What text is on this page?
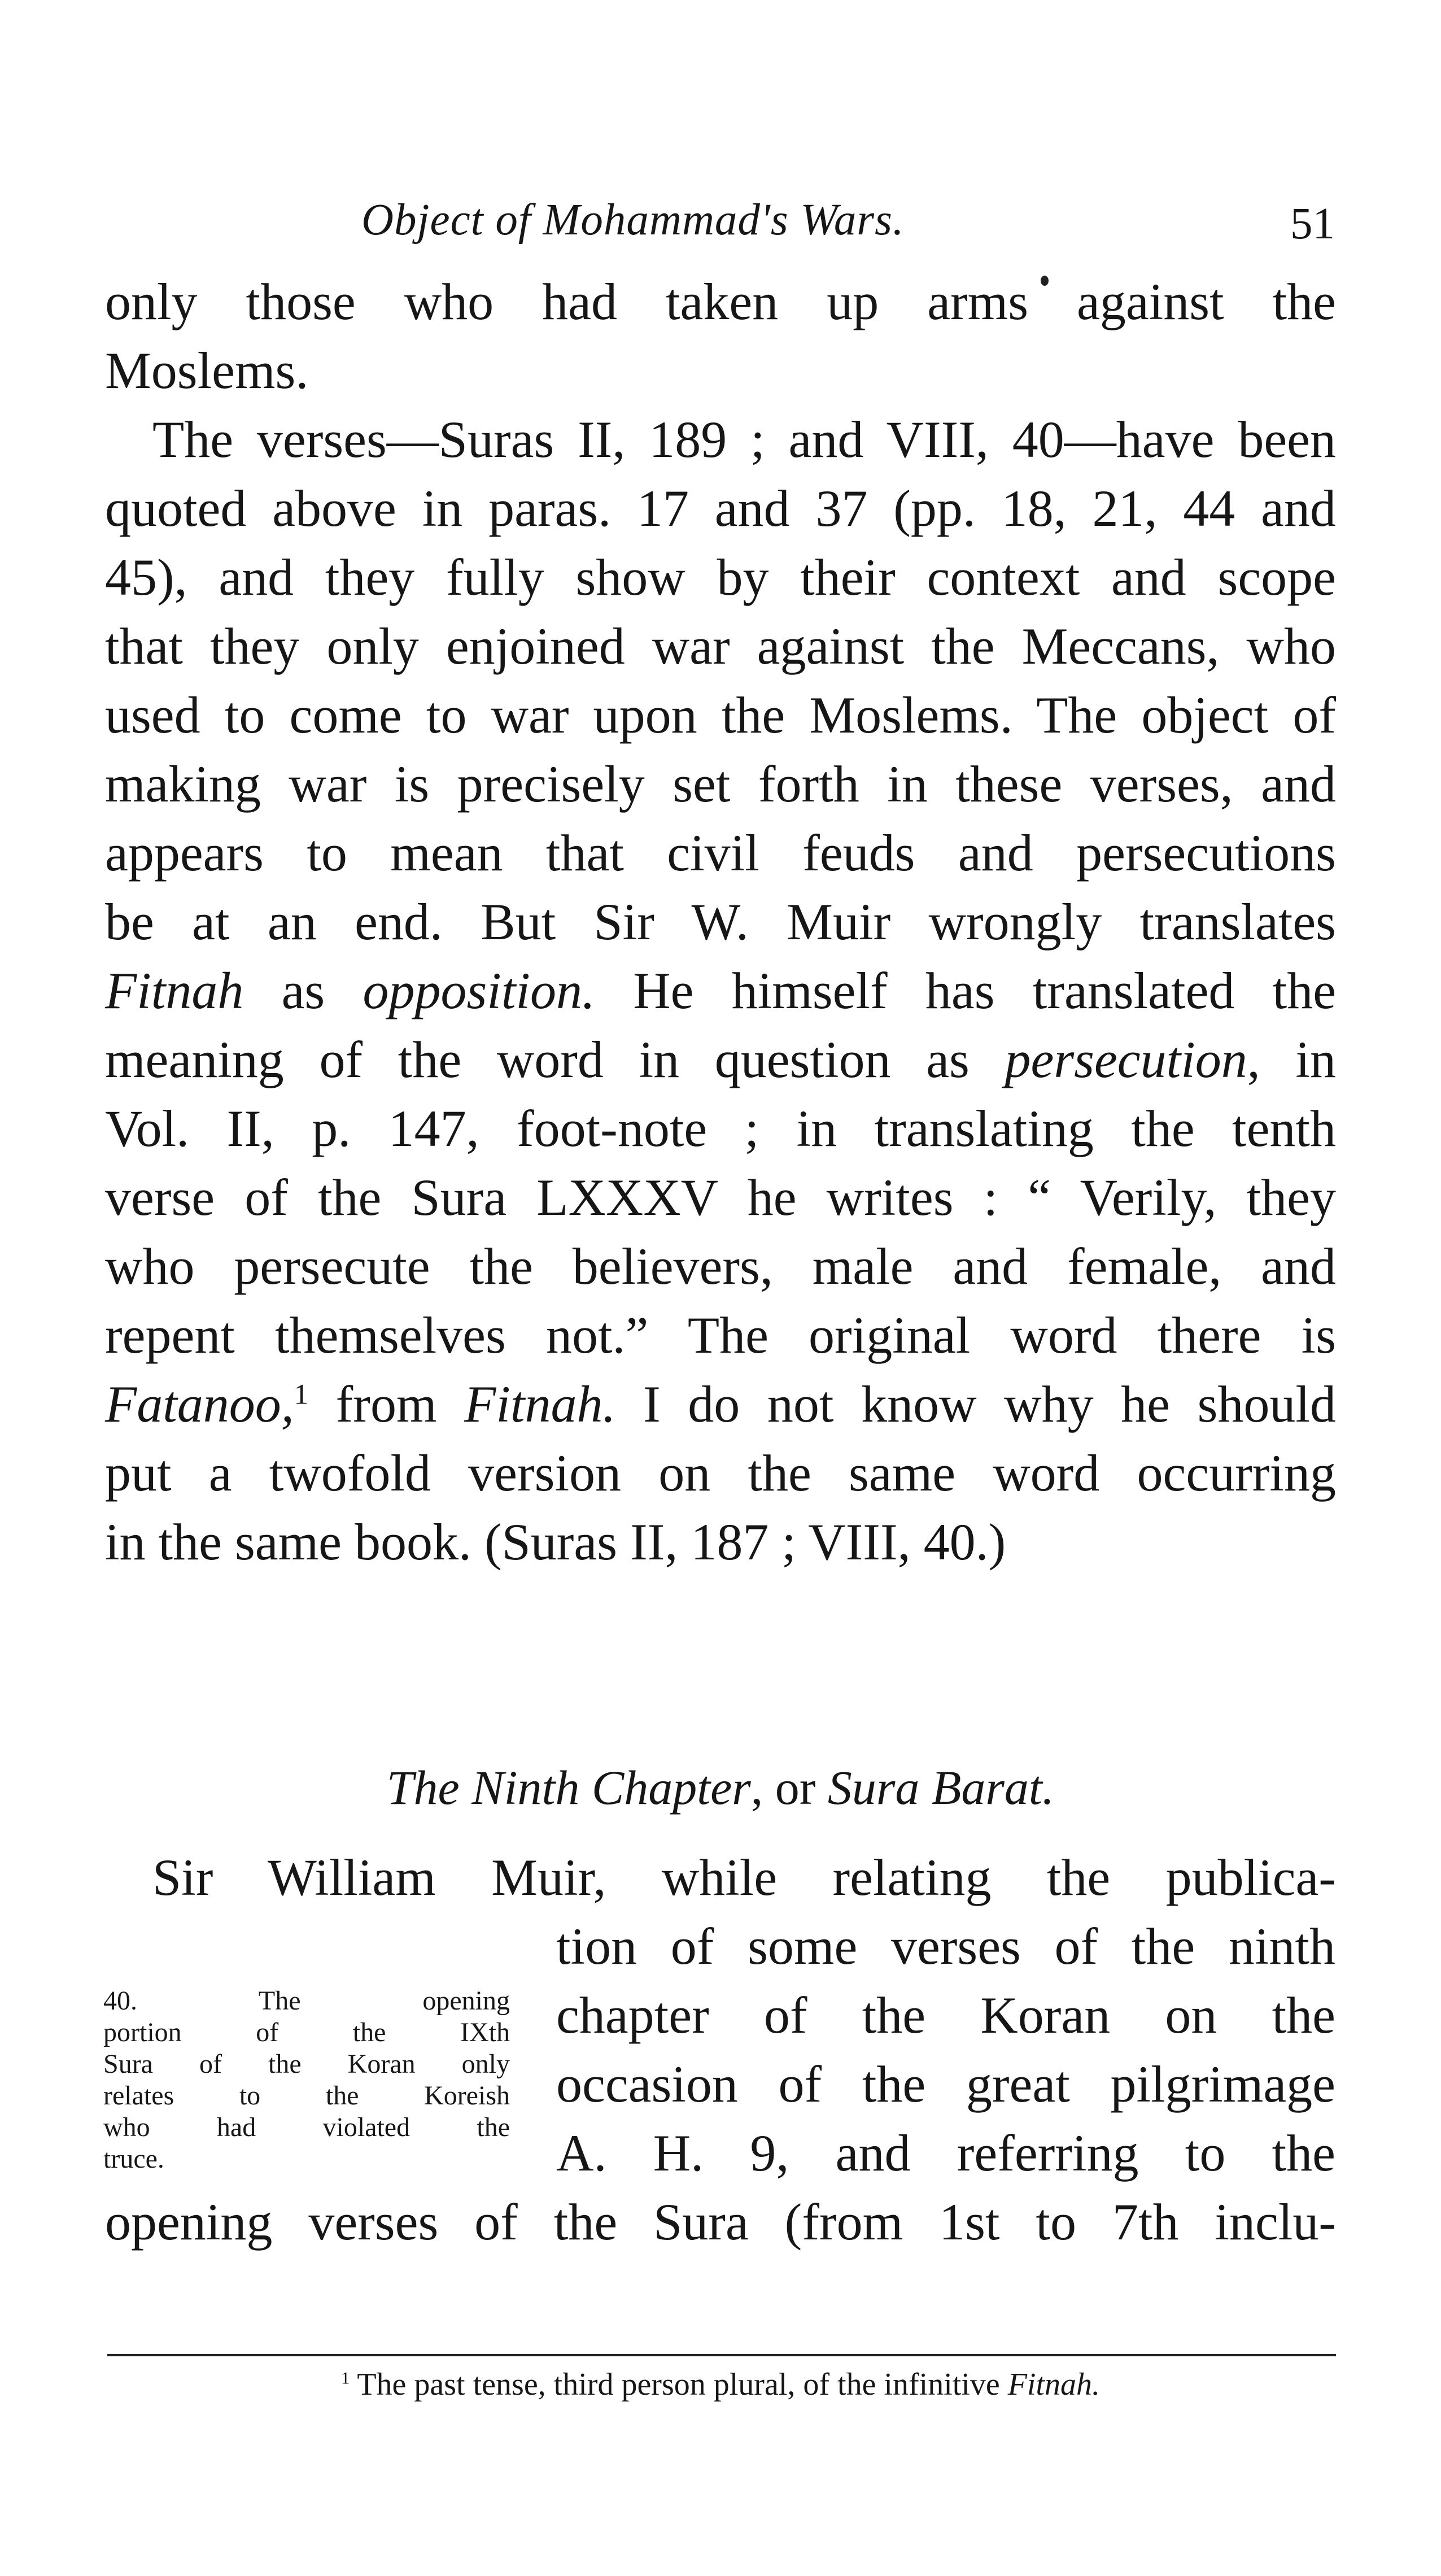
Object of Mohammad's Wars.	51
only those who had taken up arms against the
Moslems.
The verses—Suras II, 189 ; and VIII, 40—have been
quoted above in paras. 17 and 37 (pp. 18, 21, 44 and
45), and they fully show by their context and scope
that they only enjoined war against the Meccans, who
used to come to war upon the Moslems. The object of
making war is precisely set forth in these verses, and
appears to mean that civil feuds and persecutions
be at an end. But Sir W. Muir wrongly translates
Fitnah as opposition. He himself has translated the
meaning of the word in question as persecution, in
Vol. II, p. 147, foot-note ; in translating the tenth
verse of the Sura LXXXV he writes : “ Verily, they
who persecute the believers, male and female, and
repent themselves not.” The original word there is
Fatanoo,$^1$ from Fitnah. I do not know why he should
put a twofold version on the same word occurring
in the same book. (Suras II, 187 ; VIII, 40.)
The Ninth Chapter, or Sura Barat.
Sir William Muir, while relating the publica-
tion of some verses of the ninth
chapter of the Koran on the
occasion of the great pilgrimage
A. H. 9, and referring to the
opening verses of the Sura (from 1st to 7th inclu-
40. The opening
portion of the IXth
Sura of the Koran only
relates to the Koreish
who had violated the
truce.
$^1$ The past tense, third person plural, of the infinitive Fitnah.
